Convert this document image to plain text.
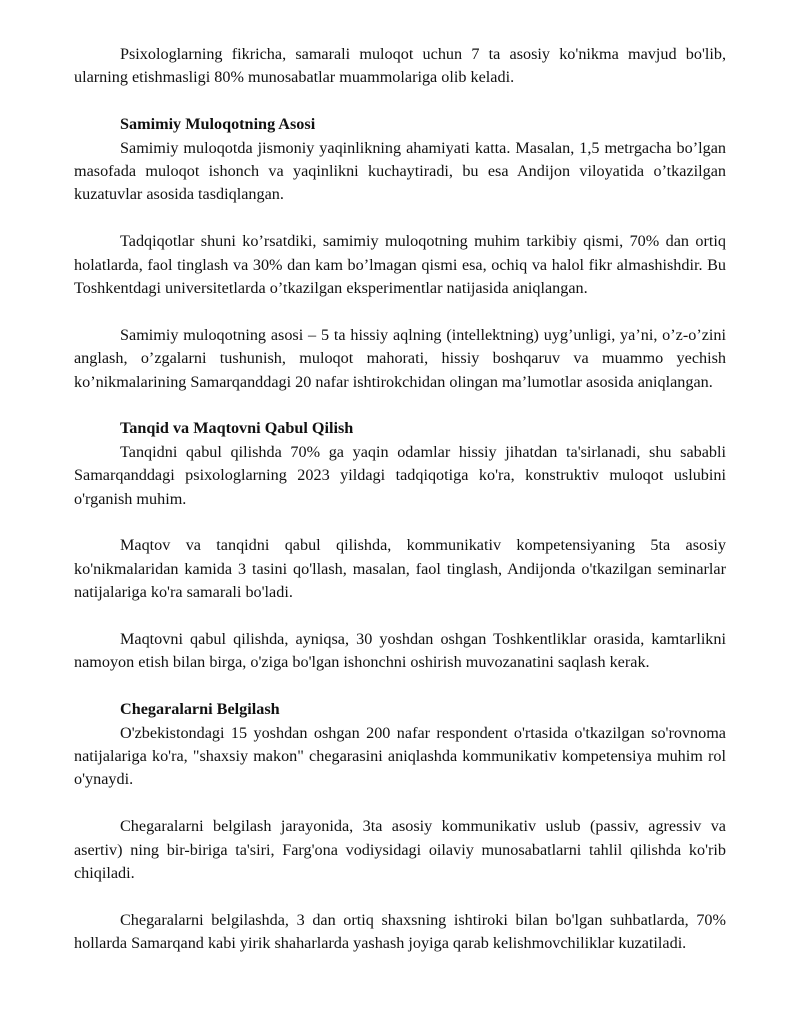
Psixologlarning fikricha, samarali muloqot uchun 7 ta asosiy ko'nikma mavjud bo'lib, ularning etishmasligi 80% munosabatlar muammolariga olib keladi.

Samimiy Muloqotning Asosi

Samimiy muloqotda jismoniy yaqinlikning ahamiyati katta. Masalan, 1,5 metrgacha bo’lgan masofada muloqot ishonch va yaqinlikni kuchaytiradi, bu esa Andijon viloyatida o’tkazilgan kuzatuvlar asosida tasdiqlangan.

Tadqiqotlar shuni ko’rsatdiki, samimiy muloqotning muhim tarkibiy qismi, 70% dan ortiq holatlarda, faol tinglash va 30% dan kam bo’lmagan qismi esa, ochiq va halol fikr almashishdir. Bu Toshkentdagi universitetlarda o’tkazilgan eksperimentlar natijasida aniqlangan.

Samimiy muloqotning asosi – 5 ta hissiy aqlning (intellektning) uyg’unligi, ya’ni, o’z-o’zini anglash, o’zgalarni tushunish, muloqot mahorati, hissiy boshqaruv va muammo yechish ko’nikmalarining Samarqanddagi 20 nafar ishtirokchidan olingan ma’lumotlar asosida aniqlangan.

Tanqid va Maqtovni Qabul Qilish

Tanqidni qabul qilishda 70% ga yaqin odamlar hissiy jihatdan ta'sirlanadi, shu sababli Samarqanddagi psixologlarning 2023 yildagi tadqiqotiga ko'ra, konstruktiv muloqot uslubini o'rganish muhim.

Maqtov va tanqidni qabul qilishda, kommunikativ kompetensiyaning 5ta asosiy ko'nikmalaridan kamida 3 tasini qo'llash, masalan, faol tinglash, Andijonda o'tkazilgan seminarlar natijalariga ko'ra samarali bo'ladi.

Maqtovni qabul qilishda, ayniqsa, 30 yoshdan oshgan Toshkentliklar orasida, kamtarlikni namoyon etish bilan birga, o'ziga bo'lgan ishonchni oshirish muvozanatini saqlash kerak.

Chegaralarni Belgilash

O'zbekistondagi 15 yoshdan oshgan 200 nafar respondent o'rtasida o'tkazilgan so'rovnoma natijalariga ko'ra, "shaxsiy makon" chegarasini aniqlashda kommunikativ kompetensiya muhim rol o'ynaydi.

Chegaralarni belgilash jarayonida, 3ta asosiy kommunikativ uslub (passiv, agressiv va asertiv) ning bir-biriga ta'siri, Farg'ona vodiysidagi oilaviy munosabatlarni tahlil qilishda ko'rib chiqiladi.

Chegaralarni belgilashda, 3 dan ortiq shaxsning ishtiroki bilan bo'lgan suhbatlarda, 70% hollarda Samarqand kabi yirik shaharlarda yashash joyiga qarab kelishmovchiliklar kuzatiladi.
